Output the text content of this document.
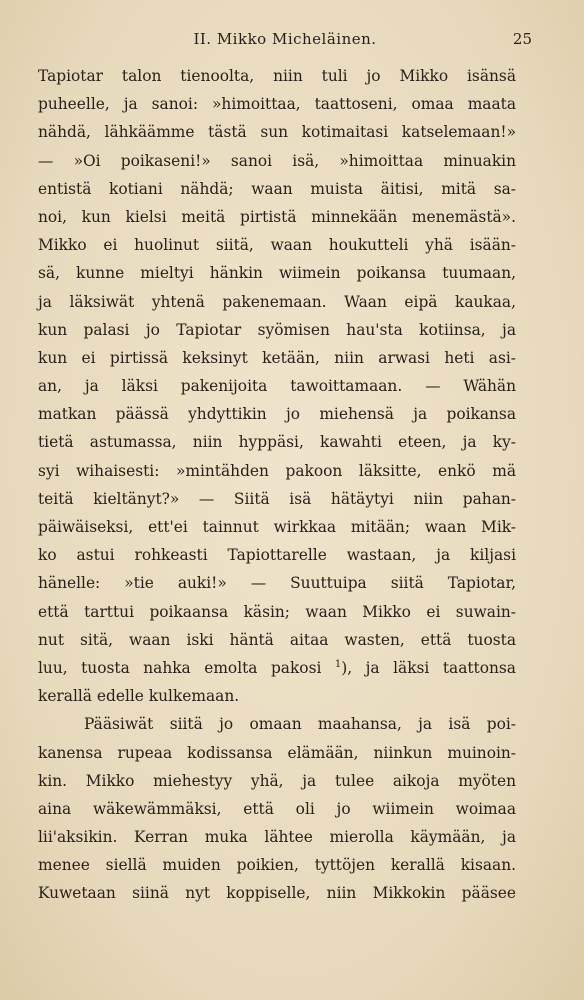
II. Mikko Micheläinen.	25
Tapiotar talon tienoolta, niin tuli jo Mikko isänsä
puheelle, ja sanoi: »himoittaa, taattoseni, omaa maata
nähdä, lähkäämme tästä sun kotimaitasi katselemaan!»
— »Oi poikaseni!» sanoi isä, »himoittaa minuakin
entistä kotiani nähdä; waan muista äitisi, mitä sa-
noi, kun kielsi meitä pirtistä minnekään menemästä».
Mikko ei huolinut siitä, waan houkutteli yhä isään-
sä, kunne mieltyi hänkin wiimein poikansa tuumaan,
ja läksiwät yhtenä pakenemaan. Waan eipä kaukaa,
kun palasi jo Tapiotar syömisen hau'sta kotiinsa, ja
kun ei pirtissä keksinyt ketään, niin arwasi heti asi-
an, ja läksi pakenijoita tawoittamaan. — Wähän
matkan päässä yhdyttikin jo miehensä ja poikansa
tietä astumassa, niin hyppäsi, kawahti eteen, ja ky-
syi wihaisesti: »mintähden pakoon läksitte, enkö mä
teitä kieltänyt?» — Siitä isä hätäytyi niin pahan-
päiwäiseksi, ett'ei tainnut wirkkaa mitään; waan Mik-
ko astui rohkeasti Tapiottarelle wastaan, ja kiljasi
hänelle: »tie auki!» — Suuttuipa siitä Tapiotar,
että tarttui poikaansa käsin; waan Mikko ei suwain-
nut sitä, waan iski häntä aitaa wasten, että tuosta
luu, tuosta nahka emolta pakosi $^1$), ja läksi taattonsa
kerallä edelle kulkemaan.
Pääsiwät siitä jo omaan maahansa, ja isä poi-
kanensa rupeaa kodissansa elämään, niinkun muinoin-
kin. Mikko miehestyy yhä, ja tulee aikoja myöten
aina wäkewämmäksi, että oli jo wiimein woimaa
lii'aksikin. Kerran muka lähtee mierolla käymään, ja
menee siellä muiden poikien, tyttöjen kerallä kisaan.
Kuwetaan siinä nyt koppiselle, niin Mikkokin pääsee
